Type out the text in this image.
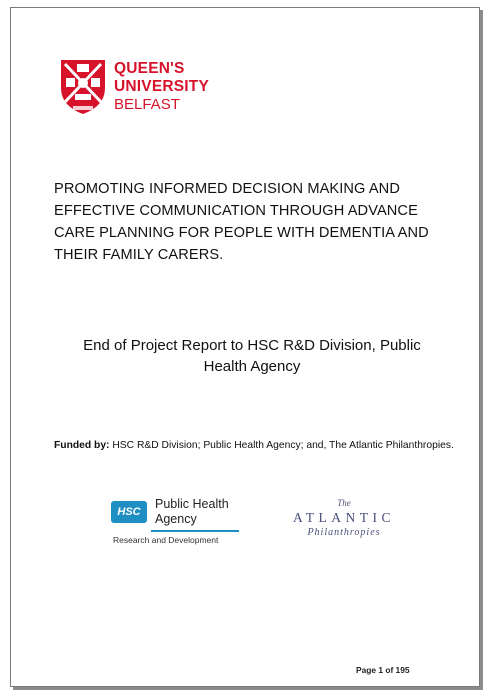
QUEEN'S
UNIVERSITY
BELFAST
PROMOTING INFORMED DECISION MAKING AND EFFECTIVE COMMUNICATION THROUGH ADVANCE CARE PLANNING FOR PEOPLE WITH DEMENTIA AND THEIR FAMILY CARERS.
End of Project Report to HSC R&D Division, Public Health Agency
Funded by: HSC R&D Division; Public Health Agency; and, The Atlantic Philanthropies.
HSC
Public Health
Agency
Research and Development
The
ATLANTIC
Philanthropies
Page 1 of 195
